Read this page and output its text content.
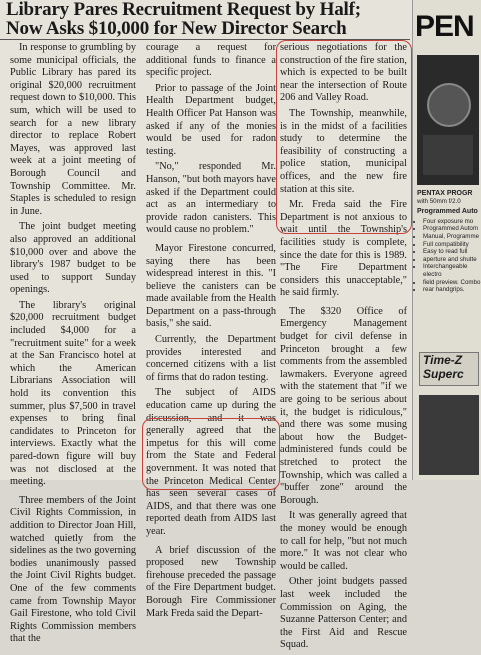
Library Pares Recruitment Request by Half;
Now Asks $10,000 for New Director Search

In response to grumbling by some municipal officials, the Public Library has pared its original $20,000 recruitment request down to $10,000. This sum, which will be used to search for a new library director to replace Robert Mayes, was approved last week at a joint meeting of Borough Council and Township Committee. Mr. Staples is scheduled to resign in June.

The joint budget meeting also approved an additional $10,000 over and above the library's 1987 budget to be used to support Sunday openings.

The library's original $20,000 recruitment budget included $4,000 for a "recruitment suite" for a week at the San Francisco hotel at which the American Librarians Association will hold its convention this summer, plus $7,500 in travel expenses to bring final candidates to Princeton for interviews. Exactly what the pared-down figure will buy was not disclosed at the meeting.

Three members of the Joint Civil Rights Commission, in addition to Director Joan Hill, watched quietly from the sidelines as the two governing bodies unanimously passed the Joint Civil Rights budget. One of the few comments came from Township Mayor Gail Firestone, who told Civil Rights Commission members that the

courage a request for additional funds to finance a specific project.

Prior to passage of the Joint Health Department budget, Health Officer Pat Hanson was asked if any of the monies would be used for radon testing.

"No," responded Mr. Hanson, "but both mayors have asked if the Department could act as an intermediary to provide radon canisters. This would cause no problem."

Mayor Firestone concurred, saying there has been widespread interest in this. "I believe the canisters can be made available from the Health Department on a pass-through basis," she said.

Currently, the Department provides interested and concerned citizens with a list of firms that do radon testing.

The subject of AIDS education came up during the discussion, and it was generally agreed that the impetus for this will come from the State and Federal government. It was noted that the Princeton Medical Center has seen several cases of AIDS, and that there was one reported death from AIDS last year.

A brief discussion of the proposed new Township firehouse preceded the passage of the Fire Department budget. Borough Fire Commissioner Mark Freda said the Depart-

serious negotiations for the construction of the fire station, which is expected to be built near the intersection of Route 206 and Valley Road.

The Township, meanwhile, is in the midst of a facilities study to determine the feasibility of constructing a police station, municipal offices, and the new fire station at this site.

Mr. Freda said the Fire Department is not anxious to wait until the Township's facilities study is complete, since the date for this is 1989. "The Fire Department considers this unacceptable," he said firmly.

The $320 Office of Emergency Management budget for civil defense in Princeton brought a few comments from the assembled lawmakers. Everyone agreed with the statement that "if we are going to be serious about it, the budget is ridiculous," and there was some musing about how the Budget-administered funds could be stretched to protect the Township, which was called a "buffer zone" around the Borough.

It was generally agreed that the money would be enough to call for help, "but not much more." It was not clear who would be called.

Other joint budgets passed last week included the Commission on Aging, the Suzanne Patterson Center; and the First Aid and Rescue Squad.

PEN
PENTAX PROGR
with 50mm f/2.0
Programmed Auto
• Four exposure mo
• Programmed Autom
• Manual, Programme
• Full compatibility
• Easy to read full
• aperture and shutte
• Interchangeable electro
• field preview. Combo
• rear handgrips.
Time-Z
Superc
